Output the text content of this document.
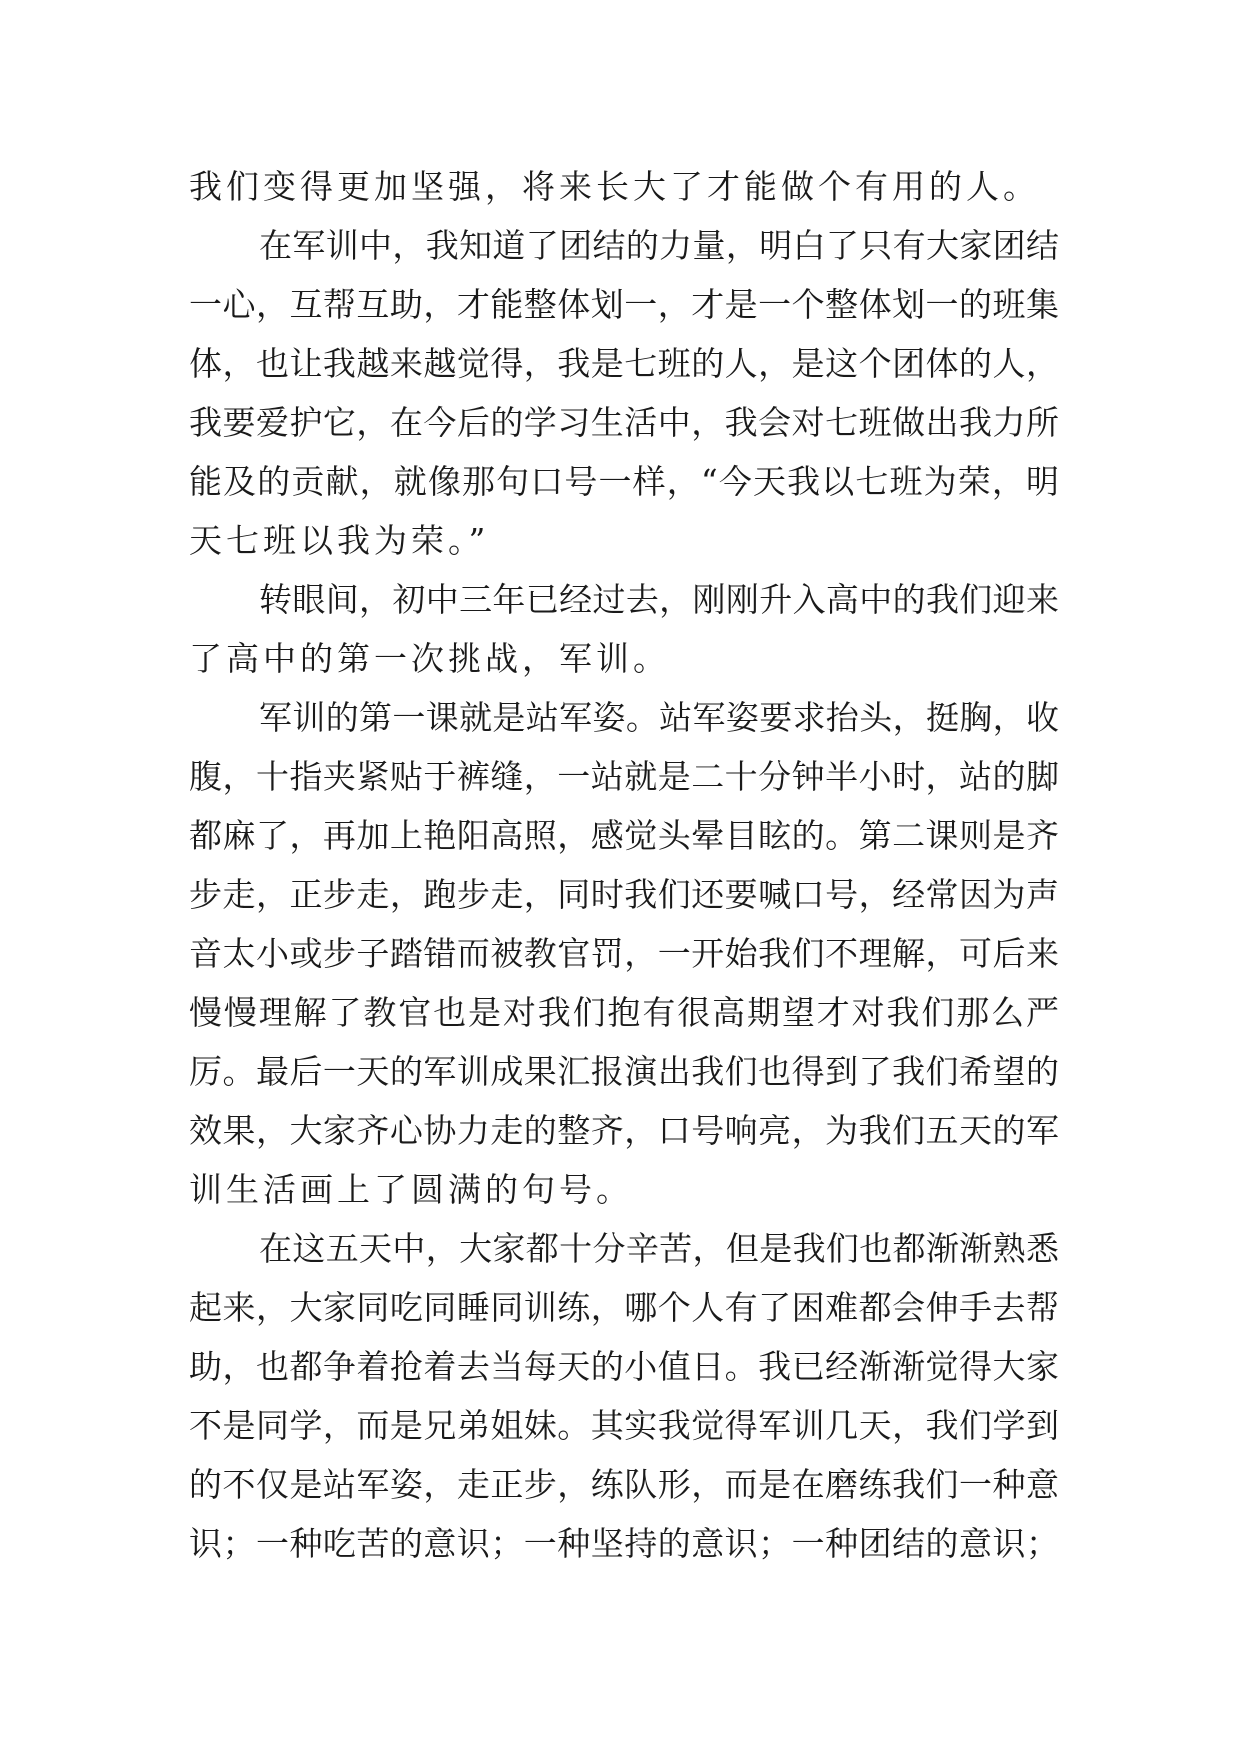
我们变得更加坚强，将来长大了才能做个有用的人。
在军训中，我知道了团结的力量，明白了只有大家团结
一心，互帮互助，才能整体划一，才是一个整体划一的班集
体，也让我越来越觉得，我是七班的人，是这个团体的人，
我要爱护它，在今后的学习生活中，我会对七班做出我力所
能及的贡献，就像那句口号一样，“今天我以七班为荣，明
天七班以我为荣。”
转眼间，初中三年已经过去，刚刚升入高中的我们迎来
了高中的第一次挑战，军训。
军训的第一课就是站军姿。站军姿要求抬头，挺胸，收
腹，十指夹紧贴于裤缝，一站就是二十分钟半小时，站的脚
都麻了，再加上艳阳高照，感觉头晕目眩的。第二课则是齐
步走，正步走，跑步走，同时我们还要喊口号，经常因为声
音太小或步子踏错而被教官罚，一开始我们不理解，可后来
慢慢理解了教官也是对我们抱有很高期望才对我们那么严
厉。最后一天的军训成果汇报演出我们也得到了我们希望的
效果，大家齐心协力走的整齐，口号响亮，为我们五天的军
训生活画上了圆满的句号。
在这五天中，大家都十分辛苦，但是我们也都渐渐熟悉
起来，大家同吃同睡同训练，哪个人有了困难都会伸手去帮
助，也都争着抢着去当每天的小值日。我已经渐渐觉得大家
不是同学，而是兄弟姐妹。其实我觉得军训几天，我们学到
的不仅是站军姿，走正步，练队形，而是在磨练我们一种意
识；一种吃苦的意识；一种坚持的意识；一种团结的意识；
